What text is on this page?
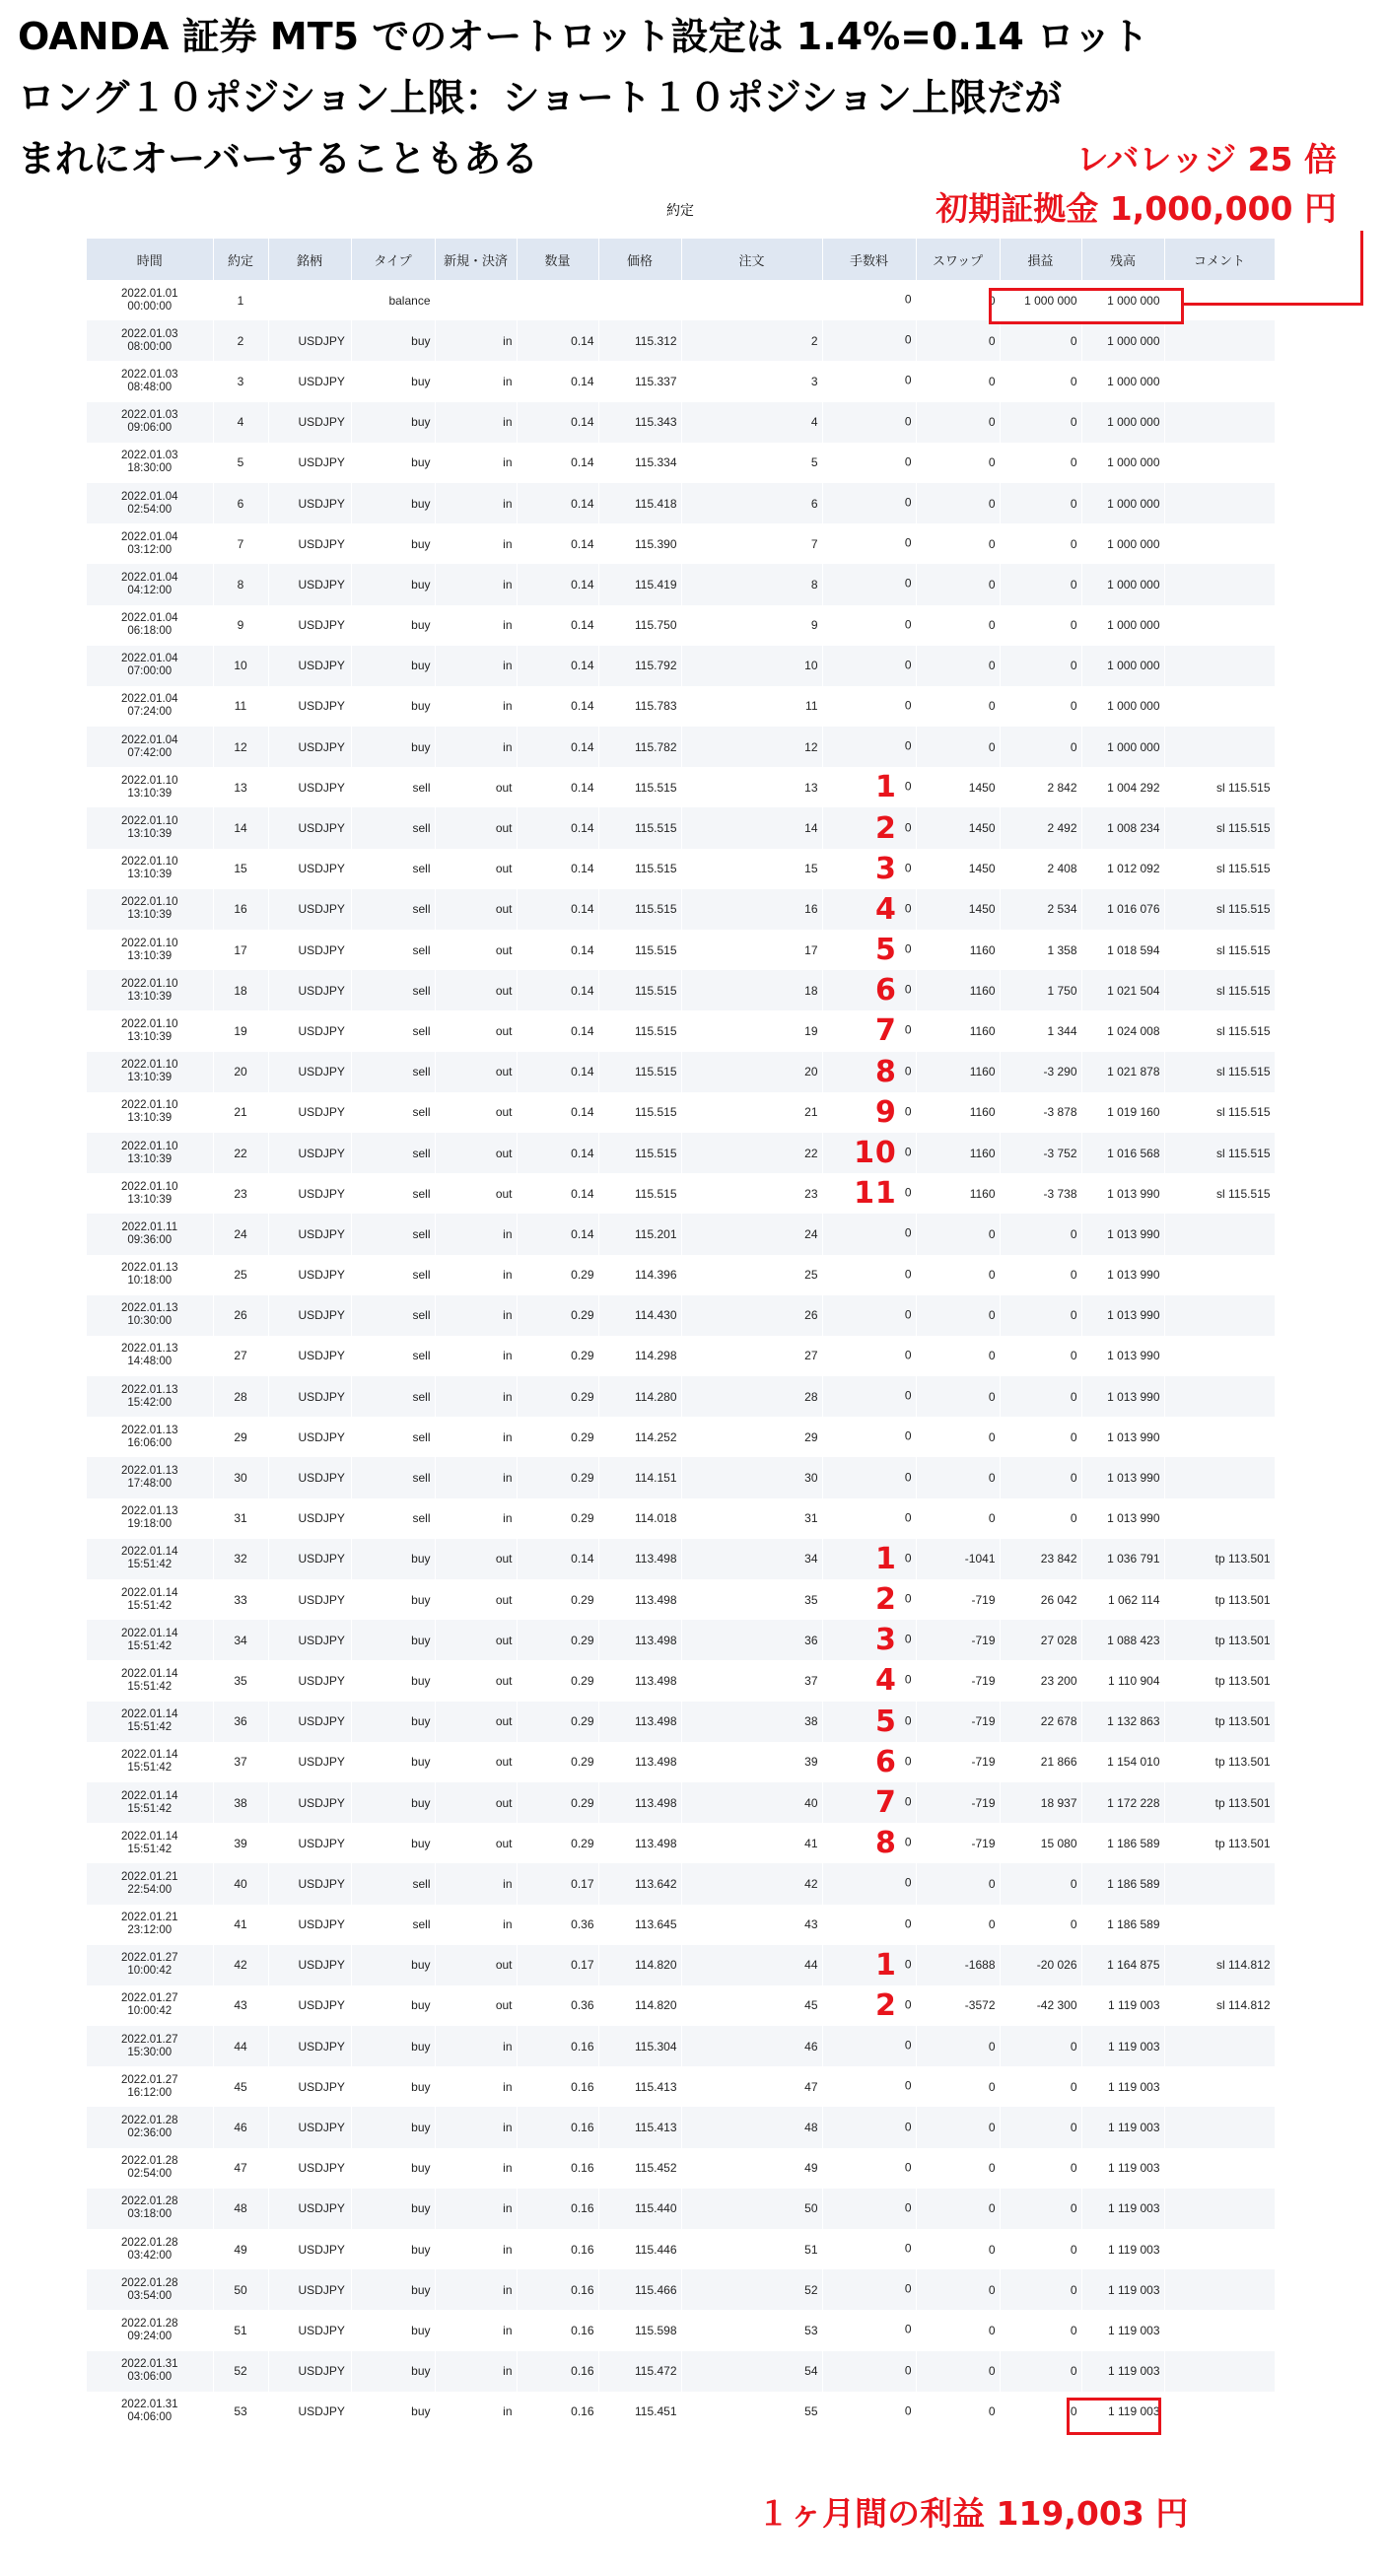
OANDA 証券 MT5 でのオートロット設定は 1.4%=0.14 ロット
ロング１０ポジション上限：ショート１０ポジション上限だが
まれにオーバーすることもある	レバレッジ 25 倍
初期証拠金 1,000,000 円
約定
時間	約定	銘柄	タイプ	新規・決済	数量	価格	注文	手数料	スワップ	損益	残高	コメント

2022.01.01
00:00:00	1		balance					0	0	1 000 000	1 000 000	

2022.01.03
08:00:00	2	USDJPY	buy	in	0.14	115.312	2	0	0	0	1 000 000	

2022.01.03
08:48:00	3	USDJPY	buy	in	0.14	115.337	3	0	0	0	1 000 000	

2022.01.03
09:06:00	4	USDJPY	buy	in	0.14	115.343	4	0	0	0	1 000 000	

2022.01.03
18:30:00	5	USDJPY	buy	in	0.14	115.334	5	0	0	0	1 000 000	

2022.01.04
02:54:00	6	USDJPY	buy	in	0.14	115.418	6	0	0	0	1 000 000	

2022.01.04
03:12:00	7	USDJPY	buy	in	0.14	115.390	7	0	0	0	1 000 000	

2022.01.04
04:12:00	8	USDJPY	buy	in	0.14	115.419	8	0	0	0	1 000 000	

2022.01.04
06:18:00	9	USDJPY	buy	in	0.14	115.750	9	0	0	0	1 000 000	

2022.01.04
07:00:00	10	USDJPY	buy	in	0.14	115.792	10	0	0	0	1 000 000	

2022.01.04
07:24:00	11	USDJPY	buy	in	0.14	115.783	11	0	0	0	1 000 000	

2022.01.04
07:42:00	12	USDJPY	buy	in	0.14	115.782	12	0	0	0	1 000 000	

2022.01.10
13:10:39	13	USDJPY	sell	out	0.14	115.515	13	1 0	1450	2 842	1 004 292	sl 115.515

2022.01.10
13:10:39	14	USDJPY	sell	out	0.14	115.515	14	2 0	1450	2 492	1 008 234	sl 115.515

2022.01.10
13:10:39	15	USDJPY	sell	out	0.14	115.515	15	3 0	1450	2 408	1 012 092	sl 115.515

2022.01.10
13:10:39	16	USDJPY	sell	out	0.14	115.515	16	4 0	1450	2 534	1 016 076	sl 115.515

2022.01.10
13:10:39	17	USDJPY	sell	out	0.14	115.515	17	5 0	1160	1 358	1 018 594	sl 115.515

2022.01.10
13:10:39	18	USDJPY	sell	out	0.14	115.515	18	6 0	1160	1 750	1 021 504	sl 115.515

2022.01.10
13:10:39	19	USDJPY	sell	out	0.14	115.515	19	7 0	1160	1 344	1 024 008	sl 115.515

2022.01.10
13:10:39	20	USDJPY	sell	out	0.14	115.515	20	8 0	1160	-3 290	1 021 878	sl 115.515

2022.01.10
13:10:39	21	USDJPY	sell	out	0.14	115.515	21	9 0	1160	-3 878	1 019 160	sl 115.515

2022.01.10
13:10:39	22	USDJPY	sell	out	0.14	115.515	22	10 0	1160	-3 752	1 016 568	sl 115.515

2022.01.10
13:10:39	23	USDJPY	sell	out	0.14	115.515	23	11 0	1160	-3 738	1 013 990	sl 115.515

2022.01.11
09:36:00	24	USDJPY	sell	in	0.14	115.201	24	0	0	0	1 013 990	

2022.01.13
10:18:00	25	USDJPY	sell	in	0.29	114.396	25	0	0	0	1 013 990	

2022.01.13
10:30:00	26	USDJPY	sell	in	0.29	114.430	26	0	0	0	1 013 990	

2022.01.13
14:48:00	27	USDJPY	sell	in	0.29	114.298	27	0	0	0	1 013 990	

2022.01.13
15:42:00	28	USDJPY	sell	in	0.29	114.280	28	0	0	0	1 013 990	

2022.01.13
16:06:00	29	USDJPY	sell	in	0.29	114.252	29	0	0	0	1 013 990	

2022.01.13
17:48:00	30	USDJPY	sell	in	0.29	114.151	30	0	0	0	1 013 990	

2022.01.13
19:18:00	31	USDJPY	sell	in	0.29	114.018	31	0	0	0	1 013 990	

2022.01.14
15:51:42	32	USDJPY	buy	out	0.14	113.498	34	1 0	-1041	23 842	1 036 791	tp 113.501

2022.01.14
15:51:42	33	USDJPY	buy	out	0.29	113.498	35	2 0	-719	26 042	1 062 114	tp 113.501

2022.01.14
15:51:42	34	USDJPY	buy	out	0.29	113.498	36	3 0	-719	27 028	1 088 423	tp 113.501

2022.01.14
15:51:42	35	USDJPY	buy	out	0.29	113.498	37	4 0	-719	23 200	1 110 904	tp 113.501

2022.01.14
15:51:42	36	USDJPY	buy	out	0.29	113.498	38	5 0	-719	22 678	1 132 863	tp 113.501

2022.01.14
15:51:42	37	USDJPY	buy	out	0.29	113.498	39	6 0	-719	21 866	1 154 010	tp 113.501

2022.01.14
15:51:42	38	USDJPY	buy	out	0.29	113.498	40	7 0	-719	18 937	1 172 228	tp 113.501

2022.01.14
15:51:42	39	USDJPY	buy	out	0.29	113.498	41	8 0	-719	15 080	1 186 589	tp 113.501

2022.01.21
22:54:00	40	USDJPY	sell	in	0.17	113.642	42	0	0	0	1 186 589	

2022.01.21
23:12:00	41	USDJPY	sell	in	0.36	113.645	43	0	0	0	1 186 589	

2022.01.27
10:00:42	42	USDJPY	buy	out	0.17	114.820	44	1 0	-1688	-20 026	1 164 875	sl 114.812

2022.01.27
10:00:42	43	USDJPY	buy	out	0.36	114.820	45	2 0	-3572	-42 300	1 119 003	sl 114.812

2022.01.27
15:30:00	44	USDJPY	buy	in	0.16	115.304	46	0	0	0	1 119 003	

2022.01.27
16:12:00	45	USDJPY	buy	in	0.16	115.413	47	0	0	0	1 119 003	

2022.01.28
02:36:00	46	USDJPY	buy	in	0.16	115.413	48	0	0	0	1 119 003	

2022.01.28
02:54:00	47	USDJPY	buy	in	0.16	115.452	49	0	0	0	1 119 003	

2022.01.28
03:18:00	48	USDJPY	buy	in	0.16	115.440	50	0	0	0	1 119 003	

2022.01.28
03:42:00	49	USDJPY	buy	in	0.16	115.446	51	0	0	0	1 119 003	

2022.01.28
03:54:00	50	USDJPY	buy	in	0.16	115.466	52	0	0	0	1 119 003	

2022.01.28
09:24:00	51	USDJPY	buy	in	0.16	115.598	53	0	0	0	1 119 003	

2022.01.31
03:06:00	52	USDJPY	buy	in	0.16	115.472	54	0	0	0	1 119 003	

2022.01.31
04:06:00	53	USDJPY	buy	in	0.16	115.451	55	0	0	0	1 119 003	
１ヶ月間の利益 119,003 円
